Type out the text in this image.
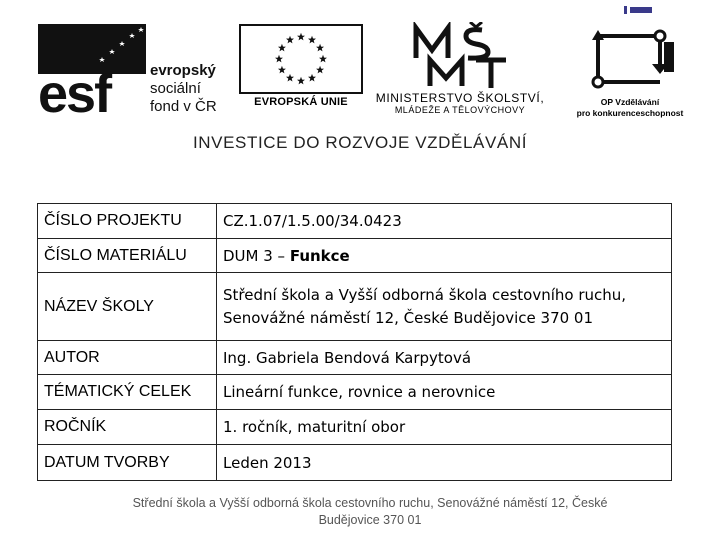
esf	evropský
sociální
fond v ČR	EVROPSKÁ UNIE	MINISTERSTVO ŠKOLSTVÍ,
MLÁDEŽE A TĚLOVÝCHOVY
OP Vzdělávání
pro konkurenceschopnost
INVESTICE DO ROZVOJE VZDĚLÁVÁNÍ
ČÍSLO PROJEKTU	CZ.1.07/1.5.00/34.0423
ČÍSLO MATERIÁLU	DUM 3 – Funkce
NÁZEV ŠKOLY	Střední škola a Vyšší odborná škola cestovního ruchu, Senovážné náměstí 12, České Budějovice 370 01
AUTOR	Ing. Gabriela Bendová Karpytová
TÉMATICKÝ CELEK	Lineární funkce, rovnice a nerovnice
ROČNÍK	1. ročník, maturitní obor
DATUM TVORBY	Leden 2013
Střední škola a Vyšší odborná škola cestovního ruchu, Senovážné náměstí 12, České
Budějovice 370 01
